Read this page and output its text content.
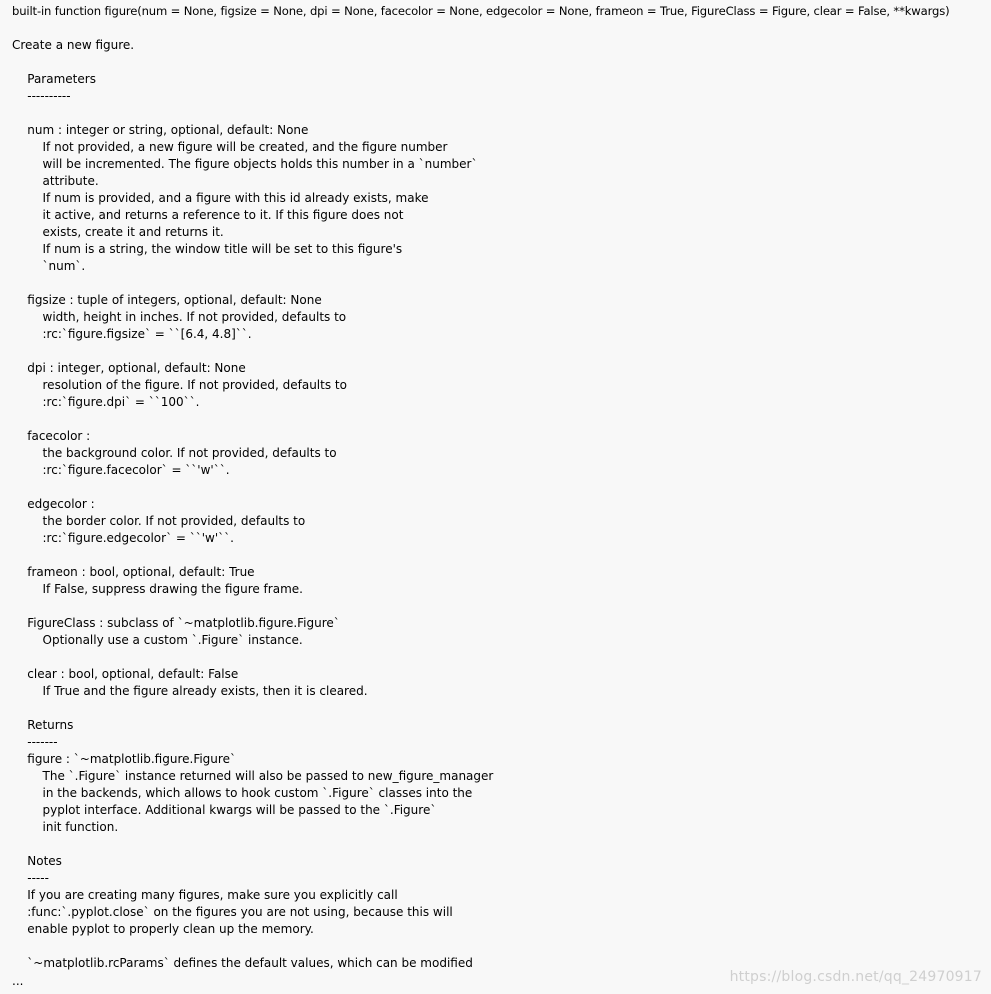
built-in function figure(num = None, figsize = None, dpi = None, facecolor = None, edgecolor = None, frameon = True, FigureClass = Figure, clear = False, **kwargs)
Create a new figure.
Parameters
----------
num : integer or string, optional, default: None
If not provided, a new figure will be created, and the figure number
will be incremented. The figure objects holds this number in a `number`
attribute.
If num is provided, and a figure with this id already exists, make
it active, and returns a reference to it. If this figure does not
exists, create it and returns it.
If num is a string, the window title will be set to this figure's
`num`.
figsize : tuple of integers, optional, default: None
width, height in inches. If not provided, defaults to
:rc:`figure.figsize` = ``[6.4, 4.8]``.
dpi : integer, optional, default: None
resolution of the figure. If not provided, defaults to
:rc:`figure.dpi` = ``100``.
facecolor :
the background color. If not provided, defaults to
:rc:`figure.facecolor` = ``'w'``.
edgecolor :
the border color. If not provided, defaults to
:rc:`figure.edgecolor` = ``'w'``.
frameon : bool, optional, default: True
If False, suppress drawing the figure frame.
FigureClass : subclass of `~matplotlib.figure.Figure`
Optionally use a custom `.Figure` instance.
clear : bool, optional, default: False
If True and the figure already exists, then it is cleared.
Returns
-------
figure : `~matplotlib.figure.Figure`
The `.Figure` instance returned will also be passed to new_figure_manager
in the backends, which allows to hook custom `.Figure` classes into the
pyplot interface. Additional kwargs will be passed to the `.Figure`
init function.
Notes
-----
If you are creating many figures, make sure you explicitly call
:func:`.pyplot.close` on the figures you are not using, because this will
enable pyplot to properly clean up the memory.
`~matplotlib.rcParams` defines the default values, which can be modified
...	https://blog.csdn.net/qq_24970917
